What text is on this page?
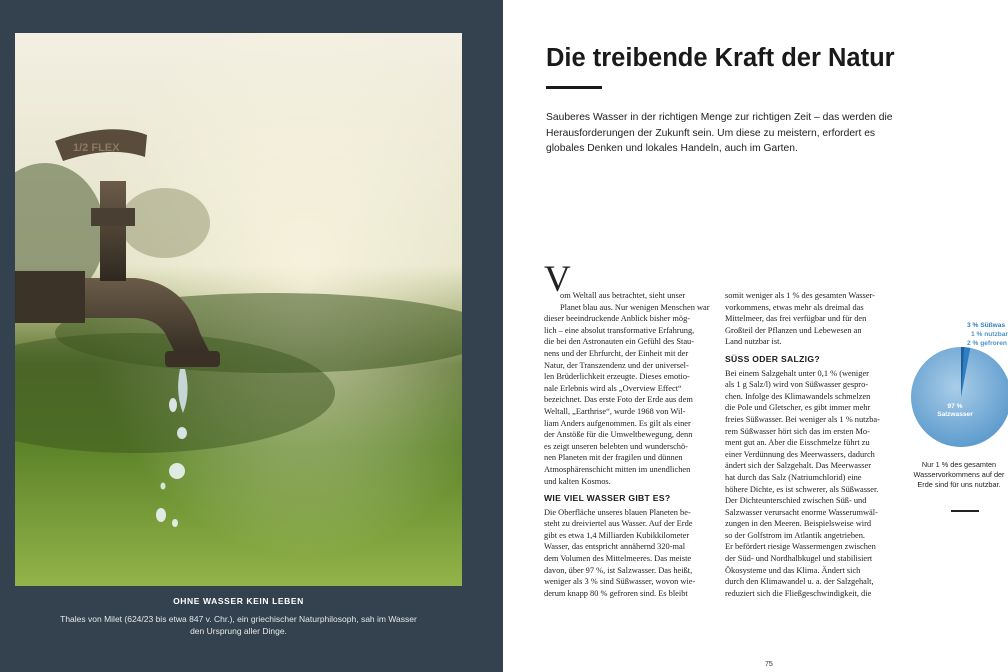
1/2 FLEX
OHNE WASSER KEIN LEBEN
Thales von Milet (624/23 bis etwa 847 v. Chr.), ein griechischer Naturphilosoph, sah im Wasser den Ursprung aller Dinge.
Die treibende Kraft der Natur

Sauberes Wasser in der richtigen Menge zur richtigen Zeit – das werden die Herausforderungen der Zukunft sein. Um diese zu meistern, erfordert es globales Denken und lokales Handeln, auch im Garten.

V
om Weltall aus betrachtet, sieht unser
Planet blau aus. Nur wenigen Menschen war
dieser beeindruckende Anblick bisher mög-
lich – eine absolut transformative Erfahrung,
die bei den Astronauten ein Gefühl des Stau-
nens und der Ehrfurcht, der Einheit mit der
Natur, der Transzendenz und der universel-
len Brüderlichkeit erzeugte. Dieses emotio-
nale Erlebnis wird als „Overview Effect“
bezeichnet. Das erste Foto der Erde aus dem
Weltall, „Earthrise“, wurde 1968 von Wil-
liam Anders aufgenommen. Es gilt als einer
der Anstöße für die Umweltbewegung, denn
es zeigt unseren belebten und wunderschö-
nen Planeten mit der fragilen und dünnen
Atmosphärenschicht mitten im unendlichen
und kalten Kosmos.
WIE VIEL WASSER GIBT ES?
Die Oberfläche unseres blauen Planeten be-
steht zu dreiviertel aus Wasser. Auf der Erde
gibt es etwa 1,4 Milliarden Kubikkilometer
Wasser, das entspricht annähernd 320-mal
dem Volumen des Mittelmeeres. Das meiste
davon, über 97 %, ist Salzwasser. Das heißt,
weniger als 3 % sind Süßwasser, wovon wie-
derum knapp 80 % gefroren sind. Es bleibt
somit weniger als 1 % des gesamten Wasser-
vorkommens, etwas mehr als dreimal das
Mittelmeer, das frei verfügbar und für den
Großteil der Pflanzen und Lebewesen an
Land nutzbar ist.
SÜSS ODER SALZIG?
Bei einem Salzgehalt unter 0,1 % (weniger
als 1 g Salz/l) wird von Süßwasser gespro-
chen. Infolge des Klimawandels schmelzen
die Pole und Gletscher, es gibt immer mehr
freies Süßwasser. Bei weniger als 1 % nutzba-
rem Süßwasser hört sich das im ersten Mo-
ment gut an. Aber die Eisschmelze führt zu
einer Verdünnung des Meerwassers, dadurch
ändert sich der Salzgehalt. Das Meerwasser
hat durch das Salz (Natriumchlorid) eine
höhere Dichte, es ist schwerer, als Süßwasser.
Der Dichteunterschied zwischen Süß- und
Salzwasser verursacht enorme Wasserumwäl-
zungen in den Meeren. Beispielsweise wird
so der Golfstrom im Atlantik angetrieben.
Er befördert riesige Wassermengen zwischen
der Süd- und Nordhalbkugel und stabilisiert
Ökosysteme und das Klima. Ändert sich
durch den Klimawandel u. a. der Salzgehalt,
reduziert sich die Fließgeschwindigkeit, die
3 % Süßwas
1 % nutzbar
2 % gefroren
97 %
Salzwasser
Nur 1 % des gesamten Wasservorkommens auf der Erde sind für uns nutzbar.
75
